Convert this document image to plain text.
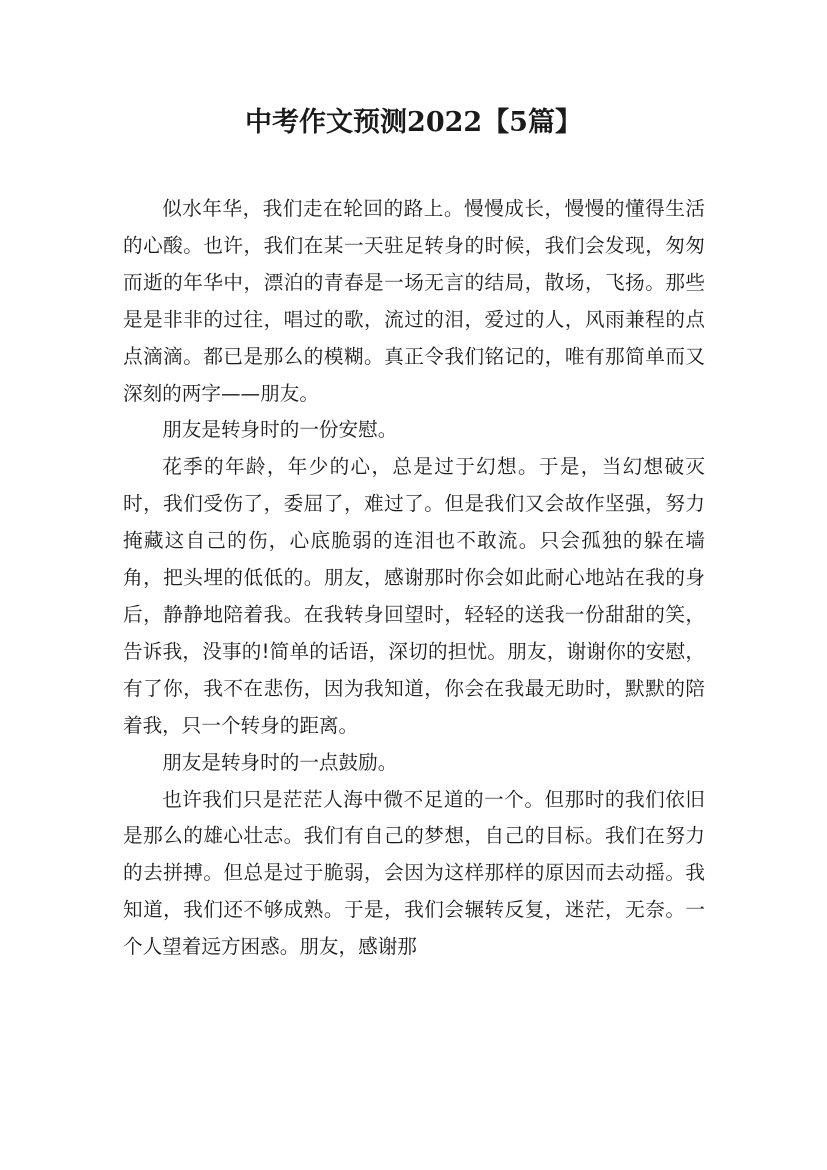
中考作文预测2022【5篇】

似水年华，我们走在轮回的路上。慢慢成长，慢慢的懂得生活的心酸。也许，我们在某一天驻足转身的时候，我们会发现，匆匆而逝的年华中，漂泊的青春是一场无言的结局，散场，飞扬。那些是是非非的过往，唱过的歌，流过的泪，爱过的人，风雨兼程的点点滴滴。都已是那么的模糊。真正令我们铭记的，唯有那简单而又深刻的两字——朋友。

朋友是转身时的一份安慰。

花季的年龄，年少的心，总是过于幻想。于是，当幻想破灭时，我们受伤了，委屈了，难过了。但是我们又会故作坚强，努力掩藏这自己的伤，心底脆弱的连泪也不敢流。只会孤独的躲在墙角，把头埋的低低的。朋友，感谢那时你会如此耐心地站在我的身后，静静地陪着我。在我转身回望时，轻轻的送我一份甜甜的笑，告诉我，没事的!简单的话语，深切的担忧。朋友，谢谢你的安慰，有了你，我不在悲伤，因为我知道，你会在我最无助时，默默的陪着我，只一个转身的距离。

朋友是转身时的一点鼓励。

也许我们只是茫茫人海中微不足道的一个。但那时的我们依旧是那么的雄心壮志。我们有自己的梦想，自己的目标。我们在努力的去拼搏。但总是过于脆弱，会因为这样那样的原因而去动摇。我知道，我们还不够成熟。于是，我们会辗转反复，迷茫，无奈。一个人望着远方困惑。朋友，感谢那
